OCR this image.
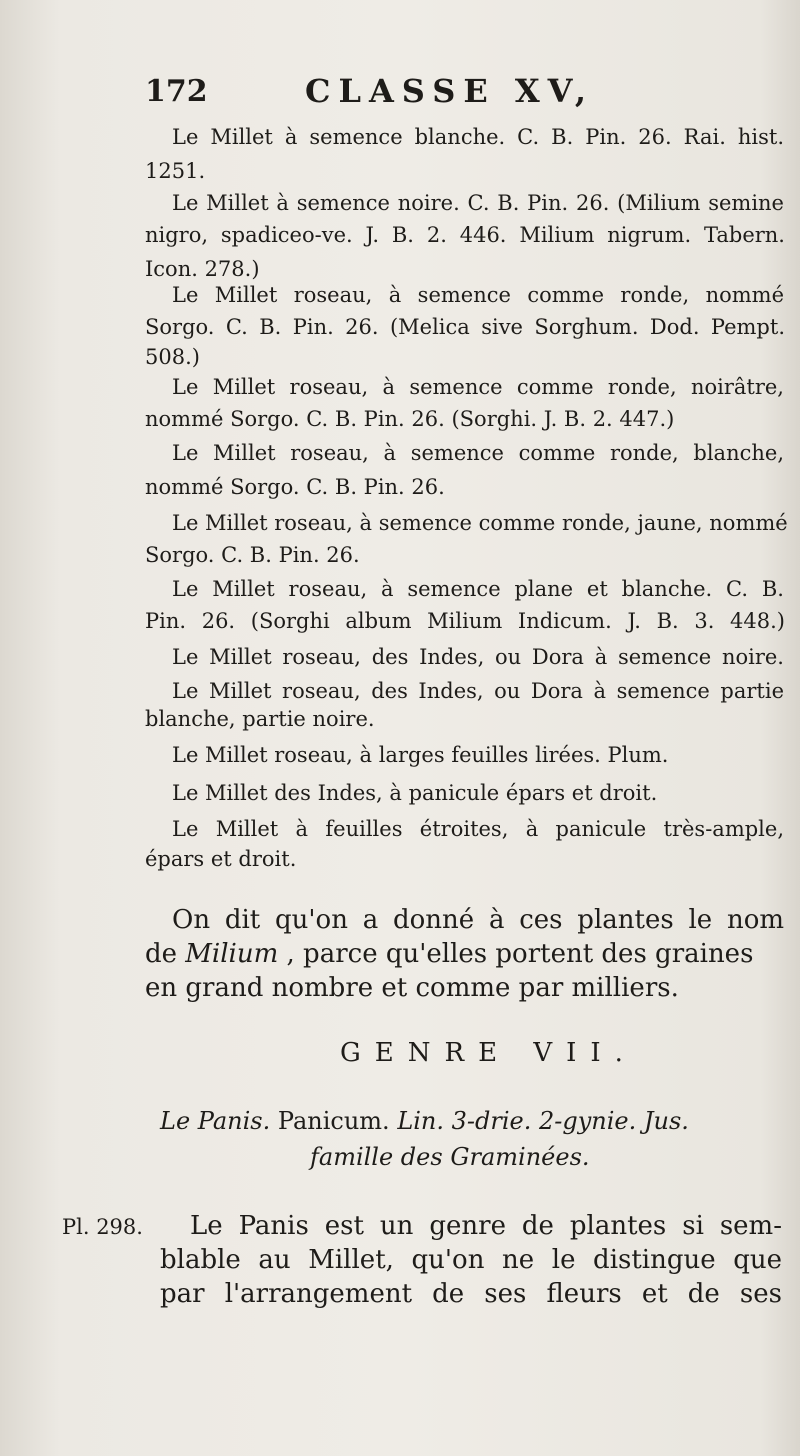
172	CLASSE XV,
Le Millet à semence blanche. C. B. Pin. 26. Rai. hist.
1251.
Le Millet à semence noire. C. B. Pin. 26. (Milium semine
nigro, spadiceo-ve. J. B. 2. 446. Milium nigrum. Tabern.
Icon. 278.)
Le Millet roseau, à semence comme ronde, nommé
Sorgo. C. B. Pin. 26. (Melica sive Sorghum. Dod. Pempt.
508.)
Le Millet roseau, à semence comme ronde, noirâtre,
nommé Sorgo. C. B. Pin. 26. (Sorghi. J. B. 2. 447.)
Le Millet roseau, à semence comme ronde, blanche,
nommé Sorgo. C. B. Pin. 26.
Le Millet roseau, à semence comme ronde, jaune, nommé
Sorgo. C. B. Pin. 26.
Le Millet roseau, à semence plane et blanche. C. B.
Pin. 26. (Sorghi album Milium Indicum. J. B. 3. 448.)
Le Millet roseau, des Indes, ou Dora à semence noire.
Le Millet roseau, des Indes, ou Dora à semence partie
blanche, partie noire.
Le Millet roseau, à larges feuilles lirées. Plum.
Le Millet des Indes, à panicule épars et droit.
Le Millet à feuilles étroites, à panicule très-ample,
épars et droit.
On dit qu'on a donné à ces plantes le nom
de Milium , parce qu'elles portent des graines
en grand nombre et comme par milliers.
GENRE VII.
Le Panis. Panicum. Lin. 3-drie. 2-gynie. Jus.
famille des Graminées.
Pl. 298. Le Panis est un genre de plantes si sem-
blable au Millet, qu'on ne le distingue que
par l'arrangement de ses fleurs et de ses
